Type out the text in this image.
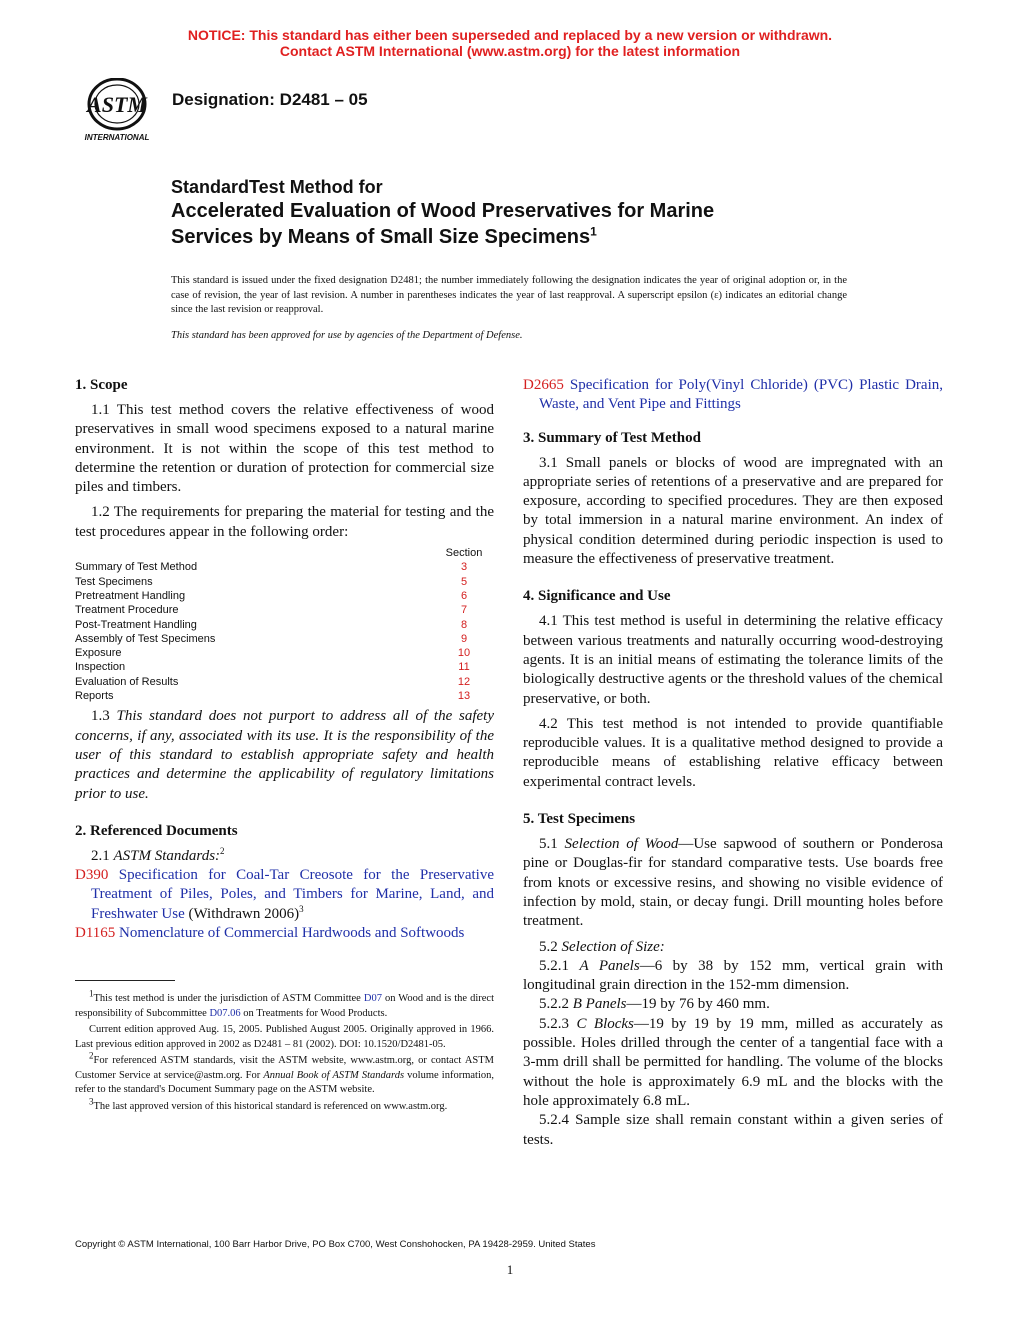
NOTICE: This standard has either been superseded and replaced by a new version or withdrawn.
Contact ASTM International (www.astm.org) for the latest information
ASTM
INTERNATIONAL
Designation: D2481 – 05
StandardTest Method for
Accelerated Evaluation of Wood Preservatives for Marine
Services by Means of Small Size Specimens$^1$
This standard is issued under the fixed designation D2481; the number immediately following the designation indicates the year of original adoption or, in the case of revision, the year of last revision. A number in parentheses indicates the year of last reapproval. A superscript epsilon (ε) indicates an editorial change since the last revision or reapproval.
This standard has been approved for use by agencies of the Department of Defense.
1. Scope

1.1 This test method covers the relative effectiveness of wood preservatives in small wood specimens exposed to a natural marine environment. It is not within the scope of this test method to determine the retention or duration of protection for commercial size piles and timbers.

1.2 The requirements for preparing the material for testing and the test procedures appear in the following order:

Section
Summary of Test Method	3
Test Specimens	5
Pretreatment Handling	6
Treatment Procedure	7
Post-Treatment Handling	8
Assembly of Test Specimens	9
Exposure	10
Inspection	11
Evaluation of Results	12
Reports	13

1.3 This standard does not purport to address all of the safety concerns, if any, associated with its use. It is the responsibility of the user of this standard to establish appropriate safety and health practices and determine the applicability of regulatory limitations prior to use.

2. Referenced Documents

2.1 ASTM Standards:$^2$

D390 Specification for Coal-Tar Creosote for the Preservative Treatment of Piles, Poles, and Timbers for Marine, Land, and Freshwater Use (Withdrawn 2006)$^3$

D1165 Nomenclature of Commercial Hardwoods and Softwoods

$^1$This test method is under the jurisdiction of ASTM Committee D07 on Wood and is the direct responsibility of Subcommittee D07.06 on Treatments for Wood Products.

Current edition approved Aug. 15, 2005. Published August 2005. Originally approved in 1966. Last previous edition approved in 2002 as D2481 – 81 (2002). DOI: 10.1520/D2481-05.

$^2$For referenced ASTM standards, visit the ASTM website, www.astm.org, or contact ASTM Customer Service at service@astm.org. For Annual Book of ASTM Standards volume information, refer to the standard's Document Summary page on the ASTM website.

$^3$The last approved version of this historical standard is referenced on www.astm.org.

D2665 Specification for Poly(Vinyl Chloride) (PVC) Plastic Drain, Waste, and Vent Pipe and Fittings

3. Summary of Test Method

3.1 Small panels or blocks of wood are impregnated with an appropriate series of retentions of a preservative and are prepared for exposure, according to specified procedures. They are then exposed by total immersion in a natural marine environment. An index of physical condition determined during periodic inspection is used to measure the effectiveness of preservative treatment.

4. Significance and Use

4.1 This test method is useful in determining the relative efficacy between various treatments and naturally occurring wood-destroying agents. It is an initial means of estimating the tolerance limits of the biologically destructive agents or the threshold values of the chemical preservative, or both.

4.2 This test method is not intended to provide quantifiable reproducible values. It is a qualitative method designed to provide a reproducible means of establishing relative efficacy between experimental contract levels.

5. Test Specimens

5.1 Selection of Wood—Use sapwood of southern or Ponderosa pine or Douglas-fir for standard comparative tests. Use boards free from knots or excessive resins, and showing no visible evidence of infection by mold, stain, or decay fungi. Drill mounting holes before treatment.

5.2 Selection of Size:

5.2.1 A Panels—6 by 38 by 152 mm, vertical grain with longitudinal grain direction in the 152-mm dimension.

5.2.2 B Panels—19 by 76 by 460 mm.

5.2.3 C Blocks—19 by 19 by 19 mm, milled as accurately as possible. Holes drilled through the center of a tangential face with a 3-mm drill shall be permitted for handling. The volume of the blocks without the hole is approximately 6.9 mL and the blocks with the hole approximately 6.8 mL.

5.2.4 Sample size shall remain constant within a given series of tests.

Copyright © ASTM International, 100 Barr Harbor Drive, PO Box C700, West Conshohocken, PA 19428-2959. United States
1
